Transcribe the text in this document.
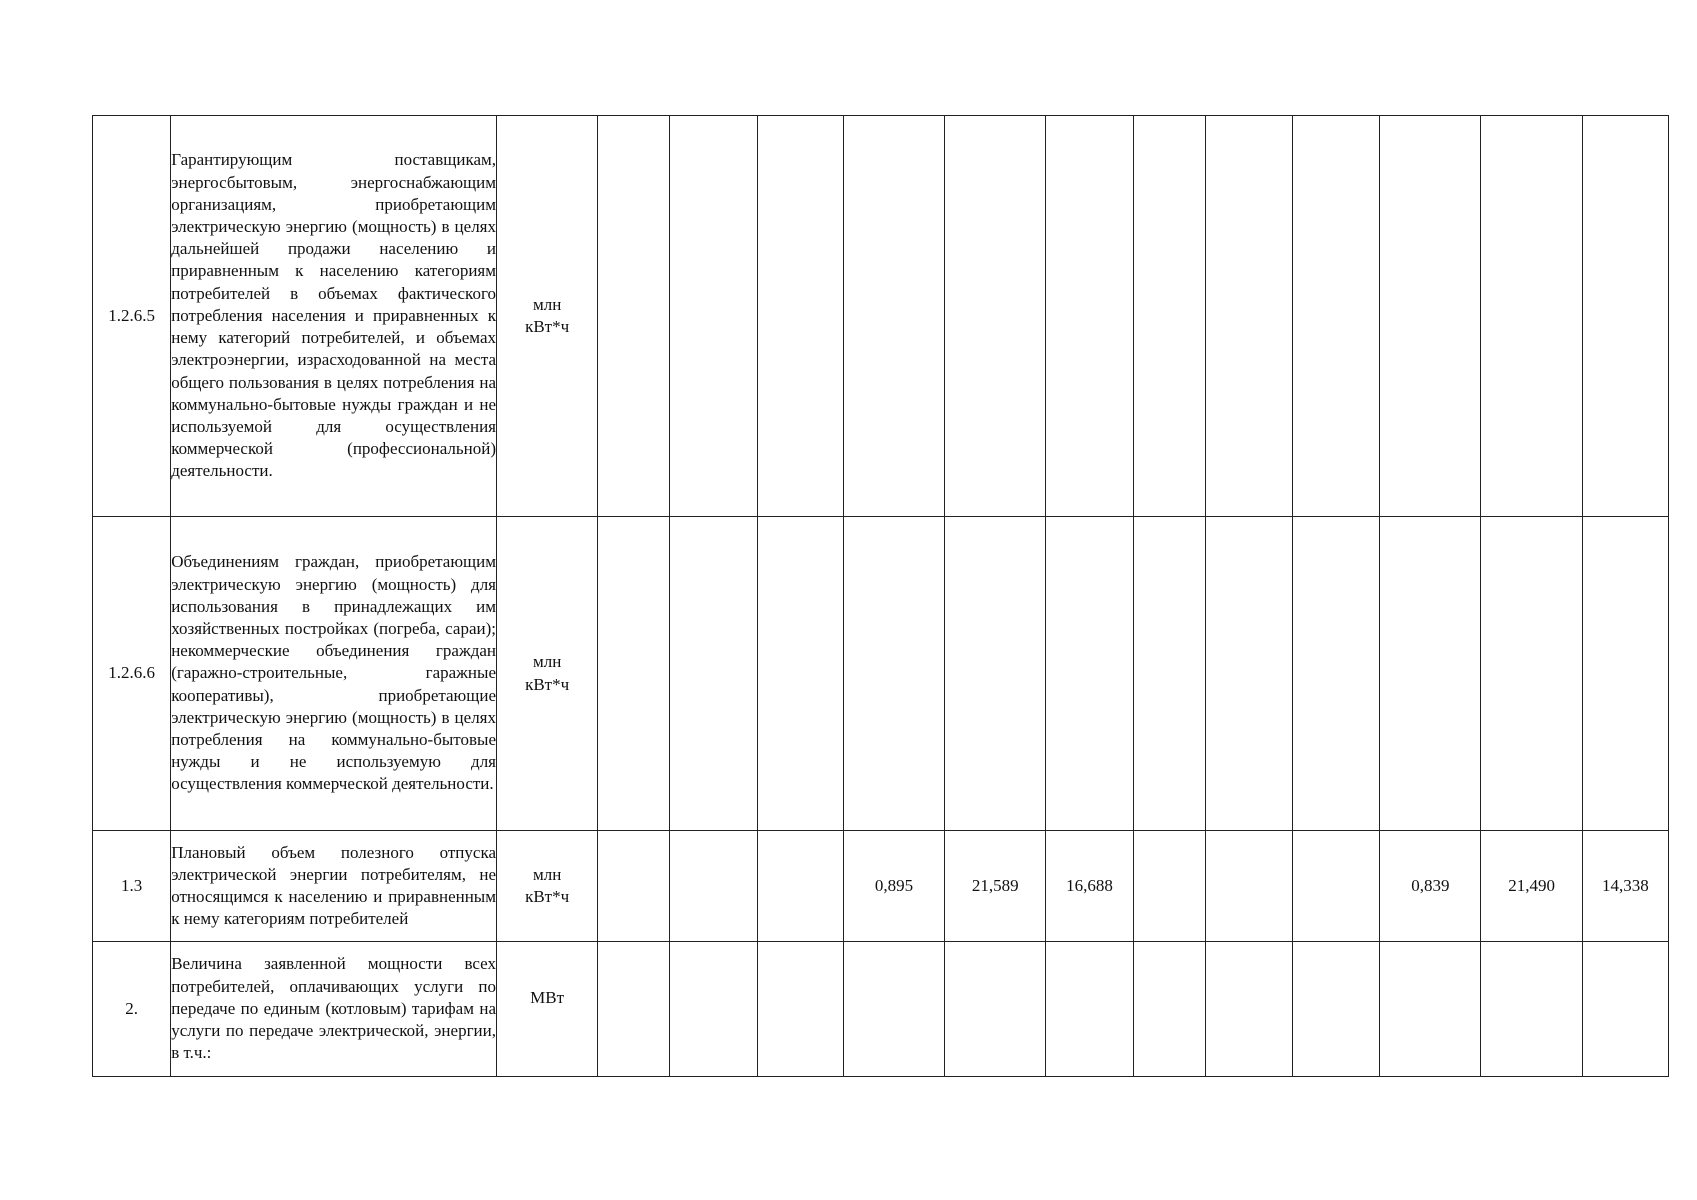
1.2.6.5	Гарантирующим поставщикам, энергосбытовым, энергоснабжающим организациям, приобретающим электрическую энергию (мощность) в целях дальнейшей продажи населению и приравненным к населению категориям потребителей в объемах фактического потребления населения и приравненных к нему категорий потребителей, и объемах электроэнергии, израсходованной на места общего пользования в целях потребления на коммунально-бытовые нужды граждан и не используемой для осуществления коммерческой (профессиональной) деятельности.	млн
кВт*ч												
1.2.6.6	Объединениям граждан, приобретающим электрическую энергию (мощность) для использования в принадлежащих им хозяйственных постройках (погреба, сараи); некоммерческие объединения граждан (гаражно-строительные, гаражные кооперативы), приобретающие электрическую энергию (мощность) в целях потребления на коммунально-бытовые нужды и не используемую для осуществления коммерческой деятельности.	млн
кВт*ч												
1.3	Плановый объем полезного отпуска электрической энергии потребителям, не относящимся к населению и приравненным к нему категориям потребителей	млн
кВт*ч				0,895	21,589	16,688				0,839	21,490	14,338
2.	Величина заявленной мощности всех потребителей, оплачивающих услуги по передаче по единым (котловым) тарифам на услуги по передаче электрической, энергии, в т.ч.:	МВт
